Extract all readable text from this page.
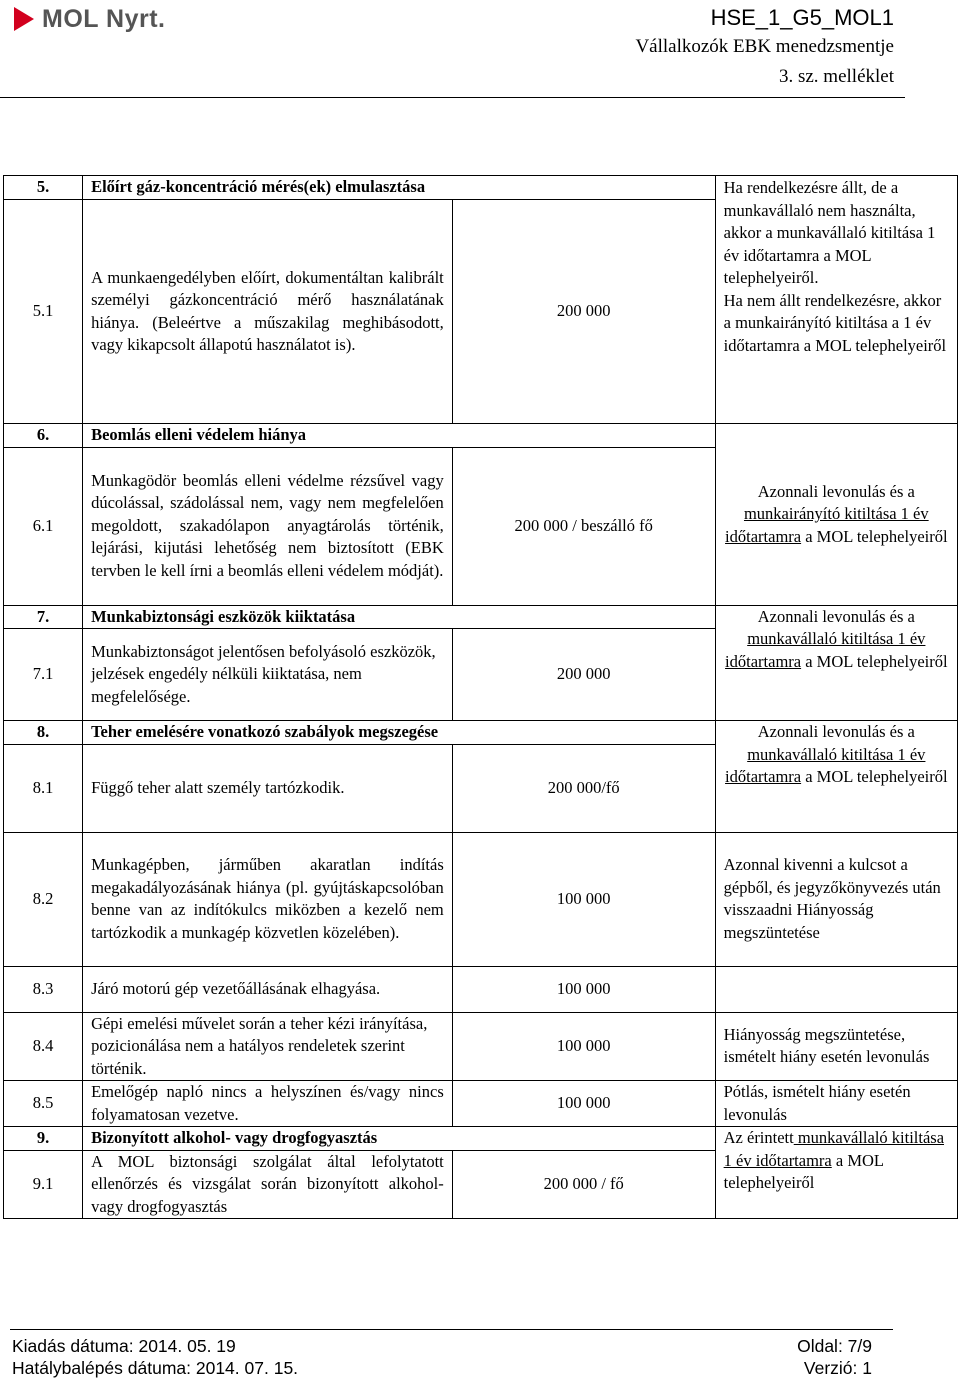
MOL Nyrt.	HSE_1_G5_MOL1
Vállalkozók EBK menedzsmentje
3. sz. melléklet
5.	Előírt gáz-koncentráció mérés(ek) elmulasztása		Ha rendelkezésre állt, de a munkavállaló nem használta, akkor a munkavállaló kitiltása 1 év időtartamra a MOL telephelyeiről.
Ha nem állt rendelkezésre, akkor a munkairányító kitiltása a 1 év időtartamra a MOL telephelyeiről

5.1	A munkaengedélyben előírt, dokumentáltan kalibrált személyi gázkoncentráció mérő használatának hiánya. (Beleértve a műszakilag meghibásodott, vagy kikapcsolt állapotú használatot is).	200 000	
6.	Beomlás elleni védelem hiánya		Azonnali levonulás és a munkairányító kitiltása 1 év időtartamra a MOL telephelyeiről
6.1	Munkagödör beomlás elleni védelme rézsűvel vagy dúcolással, szádolással nem, vagy nem megfelelően megoldott, szakadólapon anyagtárolás történik, lejárási, kijutási lehetőség nem biztosított (EBK tervben le kell írni a beomlás elleni védelem módját).	200 000 / beszálló fő	
7.	Munkabiztonsági eszközök kiiktatása		Azonnali levonulás és a munkavállaló kitiltása 1 év időtartamra a MOL telephelyeiről
7.1	Munkabiztonságot jelentősen befolyásoló eszközök, jelzések engedély nélküli kiiktatása, nem megfelelősége.	200 000	
8.	Teher emelésére vonatkozó szabályok megszegése		Azonnali levonulás és a munkavállaló kitiltása 1 év időtartamra a MOL telephelyeiről
8.1	Függő teher alatt személy tartózkodik.	200 000/fő	
8.2	Munkagépben, járműben akaratlan indítás megakadályozásának hiánya (pl. gyújtáskapcsolóban benne van az indítókulcs miközben a kezelő nem tartózkodik a munkagép közvetlen közelében).	100 000	Azonnal kivenni a kulcsot a gépből, és jegyzőkönyvezés után visszaadni Hiányosság megszüntetése
8.3	Járó motorú gép vezetőállásának elhagyása.	100 000	
8.4	Gépi emelési művelet során a teher kézi irányítása, pozicionálása nem a hatályos rendeletek szerint történik.	100 000	Hiányosság megszüntetése, ismételt hiány esetén levonulás
8.5	Emelőgép napló nincs a helyszínen és/vagy nincs folyamatosan vezetve.	100 000	Pótlás, ismételt hiány esetén levonulás
9.	Bizonyított alkohol- vagy drogfogyasztás		Az érintett munkavállaló kitiltása 1 év időtartamra a MOL telephelyeiről
9.1	A MOL biztonsági szolgálat által lefolytatott ellenőrzés és vizsgálat során bizonyított alkohol- vagy drogfogyasztás	200 000 / fő	
Kiadás dátuma: 2014. 05. 19	Oldal: 7/9
Hatálybalépés dátuma: 2014. 07. 15.	Verzió: 1
